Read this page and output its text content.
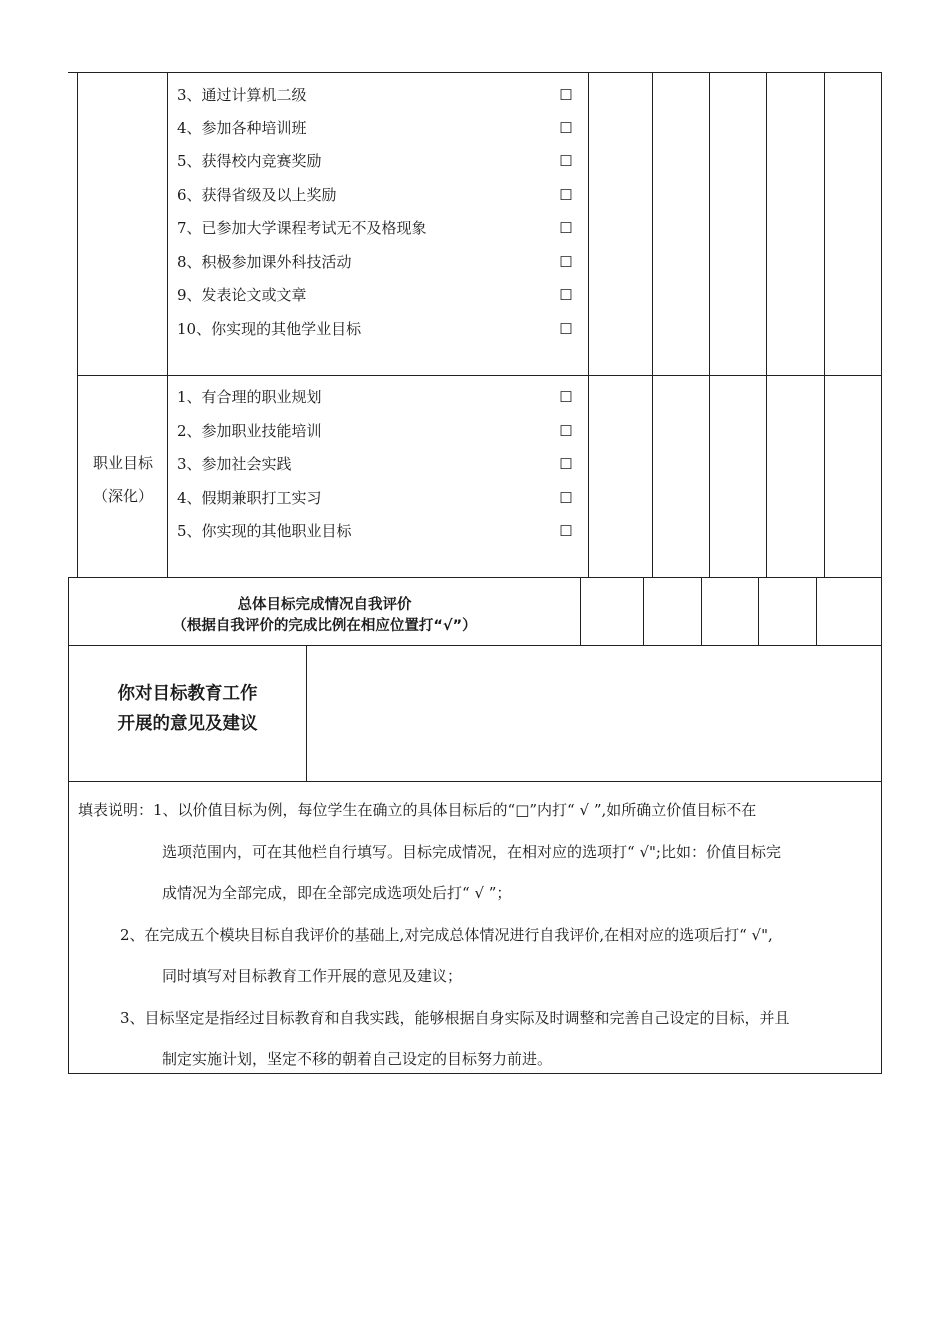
3、通过计算机二级	☐
4、参加各种培训班	☐
5、获得校内竞赛奖励	☐
6、获得省级及以上奖励	☐
7、已参加大学课程考试无不及格现象	☐
8、积极参加课外科技活动	☐
9、发表论文或文章	☐
10、你实现的其他学业目标	☐
职业目标
（深化）
1、有合理的职业规划	☐
2、参加职业技能培训	☐
3、参加社会实践	☐
4、假期兼职打工实习	☐
5、你实现的其他职业目标	☐
总体目标完成情况自我评价
（根据自我评价的完成比例在相应位置打“√”）
你对目标教育工作
开展的意见及建议
填表说明：1、以价值目标为例，每位学生在确立的具体目标后的“□”内打“ √ ”,如所确立价值目标不在
选项范围内，可在其他栏自行填写。目标完成情况，在相对应的选项打“ √";比如：价值目标完
成情况为全部完成，即在全部完成选项处后打“ √ ”；
2、在完成五个模块目标自我评价的基础上,对完成总体情况进行自我评价,在相对应的选项后打“ √",
同时填写对目标教育工作开展的意见及建议；
3、目标坚定是指经过目标教育和自我实践，能够根据自身实际及时调整和完善自己设定的目标，并且
制定实施计划，坚定不移的朝着自己设定的目标努力前进。
